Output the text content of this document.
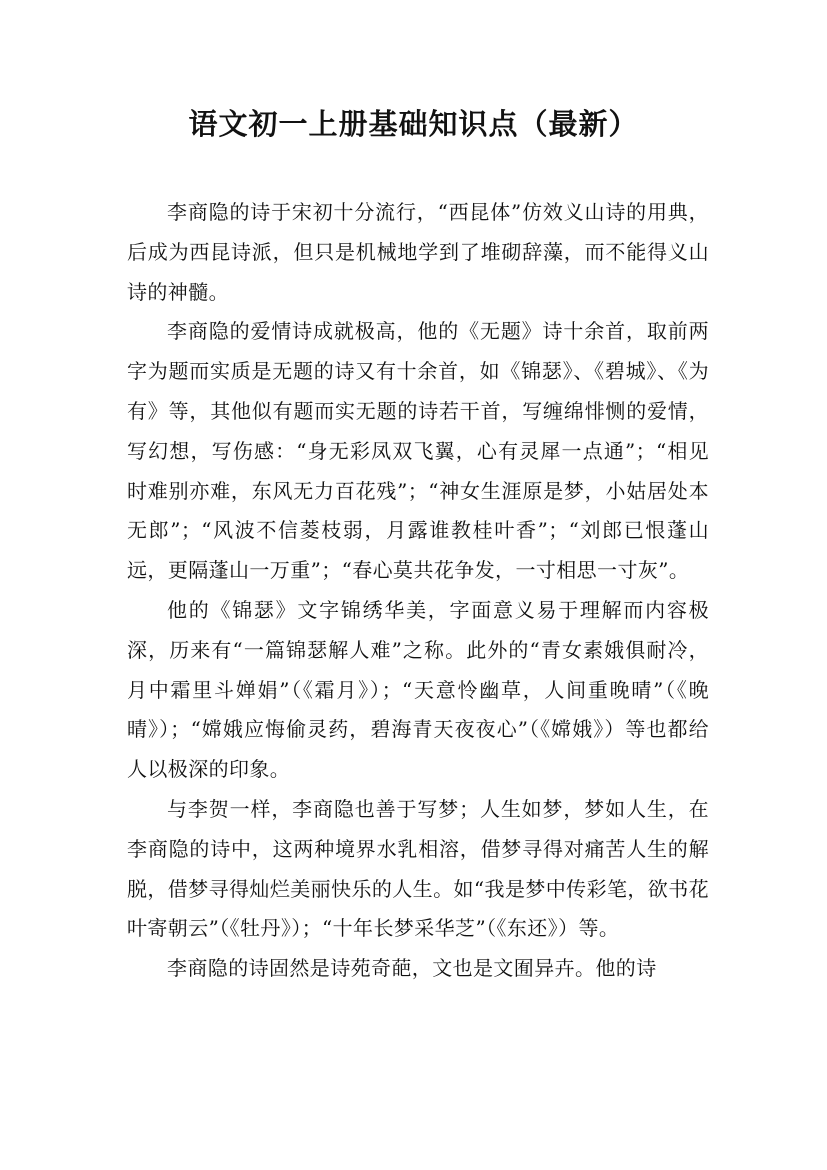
语文初一上册基础知识点（最新）

李商隐的诗于宋初十分流行，“西昆体”仿效义山诗的用典，后成为西昆诗派，但只是机械地学到了堆砌辞藻，而不能得义山诗的神髓。

李商隐的爱情诗成就极高，他的《无题》诗十余首，取前两字为题而实质是无题的诗又有十余首，如《锦瑟》、《碧城》、《为有》等，其他似有题而实无题的诗若干首，写缠绵悱恻的爱情，写幻想，写伤感：“身无彩凤双飞翼，心有灵犀一点通”；“相见时难别亦难，东风无力百花残”；“神女生涯原是梦，小姑居处本无郎”；“风波不信菱枝弱，月露谁教桂叶香”；“刘郎已恨蓬山远，更隔蓬山一万重”；“春心莫共花争发，一寸相思一寸灰”。

他的《锦瑟》文字锦绣华美，字面意义易于理解而内容极深，历来有“一篇锦瑟解人难”之称。此外的“青女素娥俱耐冷，月中霜里斗婵娟”（《霜月》）；“天意怜幽草，人间重晚晴”（《晚晴》）；“嫦娥应悔偷灵药，碧海青天夜夜心”（《嫦娥》）等也都给人以极深的印象。

与李贺一样，李商隐也善于写梦；人生如梦，梦如人生，在李商隐的诗中，这两种境界水乳相溶，借梦寻得对痛苦人生的解脱，借梦寻得灿烂美丽快乐的人生。如“我是梦中传彩笔，欲书花叶寄朝云”（《牡丹》）；“十年长梦采华芝”（《东还》）等。

李商隐的诗固然是诗苑奇葩，文也是文囿异卉。他的诗
